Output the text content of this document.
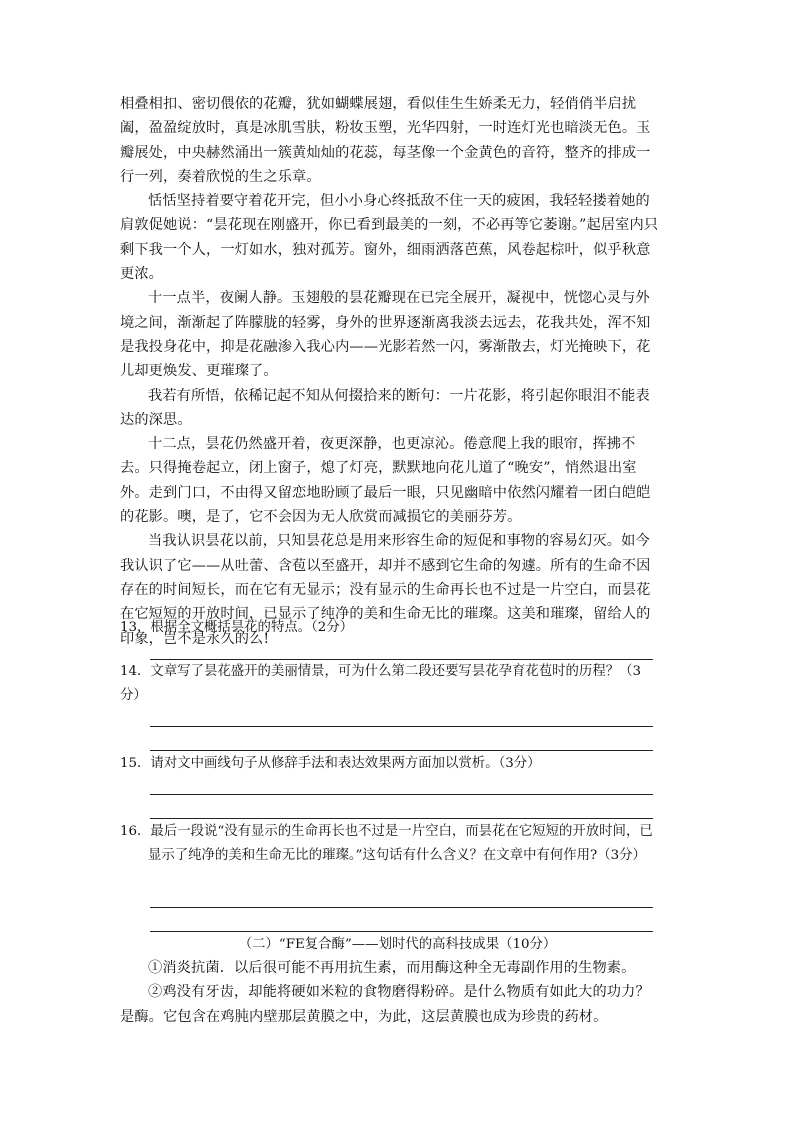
相叠相扣、密切偎依的花瓣，犹如蝴蝶展翅，看似佳生生娇柔无力，轻俏俏半启扰阖，盈盈绽放时，真是冰肌雪肤，粉妆玉塑，光华四射，一时连灯光也暗淡无色。玉瓣展处，中央赫然涌出一簇黄灿灿的花蕊，每茎像一个金黄色的音符，整齐的排成一行一列，奏着欣悦的生之乐章。

恬恬坚持着要守着花开完，但小小身心终抵敌不住一天的疲困，我轻轻搂着她的肩敦促她说：“昙花现在刚盛开，你已看到最美的一刻，不必再等它萎谢。”起居室内只剩下我一个人，一灯如水，独对孤芳。窗外，细雨洒落芭蕉，风卷起棕叶，似乎秋意更浓。

十一点半，夜阑人静。玉翅般的昙花瓣现在已完全展开，凝视中，恍惚心灵与外境之间，渐渐起了阵朦胧的轻雾，身外的世界逐渐离我淡去远去，花我共处，浑不知是我投身花中，抑是花融渗入我心内——光影若然一闪，雾渐散去，灯光掩映下，花儿却更焕发、更璀璨了。

我若有所悟，依稀记起不知从何掇拾来的断句：一片花影，将引起你眼泪不能表达的深思。

十二点，昙花仍然盛开着，夜更深静，也更凉沁。倦意爬上我的眼帘，挥拂不去。只得掩卷起立，闭上窗子，熄了灯亮，默默地向花儿道了“晚安”，悄然退出室外。走到门口，不由得又留恋地盼顾了最后一眼，只见幽暗中依然闪耀着一团白皑皑的花影。噢，是了，它不会因为无人欣赏而减损它的美丽芬芳。

当我认识昙花以前，只知昙花总是用来形容生命的短促和事物的容易幻灭。如今我认识了它——从吐蕾、含苞以至盛开，却并不感到它生命的匆遽。所有的生命不因存在的时间短长，而在它有无显示；没有显示的生命再长也不过是一片空白，而昙花在它短短的开放时间，已显示了纯净的美和生命无比的璀璨。这美和璀璨，留给人的印象，岂不是永久的么!

13．根据全文概括昙花的特点。（2分）

14．文章写了昙花盛开的美丽情景，可为什么第二段还要写昙花孕育花苞时的历程？（3分）

15．请对文中画线句子从修辞手法和表达效果两方面加以赏析。（3分）

16．最后一段说“没有显示的生命再长也不过是一片空白，而昙花在它短短的开放时间，已显示了纯净的美和生命无比的璀璨。”这句话有什么含义？在文章中有何作用?（3分）

（二）“FE复合酶”——划时代的高科技成果（10分）

①消炎抗菌．以后很可能不再用抗生素，而用酶这种全无毒副作用的生物素。

②鸡没有牙齿，却能将硬如米粒的食物磨得粉碎。是什么物质有如此大的功力？是酶。它包含在鸡肫内壁那层黄膜之中，为此，这层黄膜也成为珍贵的药材。
